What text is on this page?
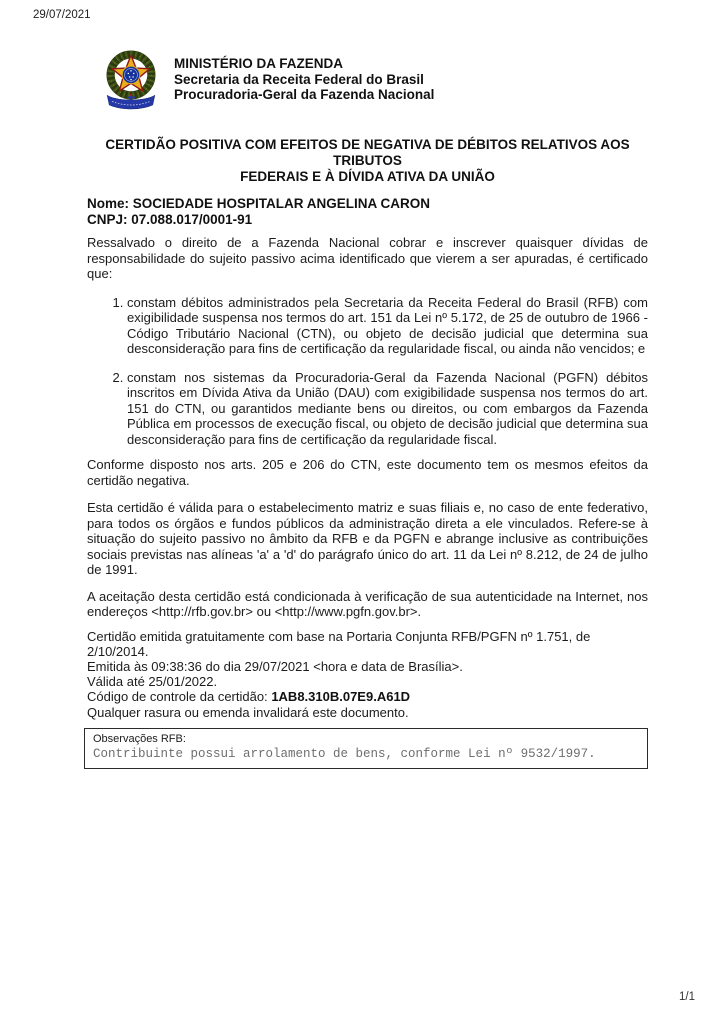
29/07/2021
MINISTÉRIO DA FAZENDA
Secretaria da Receita Federal do Brasil
Procuradoria-Geral da Fazenda Nacional
CERTIDÃO POSITIVA COM EFEITOS DE NEGATIVA DE DÉBITOS RELATIVOS AOS TRIBUTOS
FEDERAIS E À DÍVIDA ATIVA DA UNIÃO
Nome: SOCIEDADE HOSPITALAR ANGELINA CARON
CNPJ: 07.088.017/0001-91

Ressalvado o direito de a Fazenda Nacional cobrar e inscrever quaisquer dívidas de responsabilidade do sujeito passivo acima identificado que vierem a ser apuradas, é certificado que:

1. constam débitos administrados pela Secretaria da Receita Federal do Brasil (RFB) com exigibilidade suspensa nos termos do art. 151 da Lei nº 5.172, de 25 de outubro de 1966 - Código Tributário Nacional (CTN), ou objeto de decisão judicial que determina sua desconsideração para fins de certificação da regularidade fiscal, ou ainda não vencidos; e
2. constam nos sistemas da Procuradoria-Geral da Fazenda Nacional (PGFN) débitos inscritos em Dívida Ativa da União (DAU) com exigibilidade suspensa nos termos do art. 151 do CTN, ou garantidos mediante bens ou direitos, ou com embargos da Fazenda Pública em processos de execução fiscal, ou objeto de decisão judicial que determina sua desconsideração para fins de certificação da regularidade fiscal.

Conforme disposto nos arts. 205 e 206 do CTN, este documento tem os mesmos efeitos da certidão negativa.

Esta certidão é válida para o estabelecimento matriz e suas filiais e, no caso de ente federativo, para todos os órgãos e fundos públicos da administração direta a ele vinculados. Refere-se à situação do sujeito passivo no âmbito da RFB e da PGFN e abrange inclusive as contribuições sociais previstas nas alíneas 'a' a 'd' do parágrafo único do art. 11 da Lei nº 8.212, de 24 de julho de 1991.

A aceitação desta certidão está condicionada à verificação de sua autenticidade na Internet, nos endereços <http://rfb.gov.br> ou <http://www.pgfn.gov.br>.

Certidão emitida gratuitamente com base na Portaria Conjunta RFB/PGFN nº 1.751, de 2/10/2014.
Emitida às 09:38:36 do dia 29/07/2021 <hora e data de Brasília>.
Válida até 25/01/2022.
Código de controle da certidão: 1AB8.310B.07E9.A61D
Qualquer rasura ou emenda invalidará este documento.
Observações RFB:
Contribuinte possui arrolamento de bens, conforme Lei nº 9532/1997.
1/1
